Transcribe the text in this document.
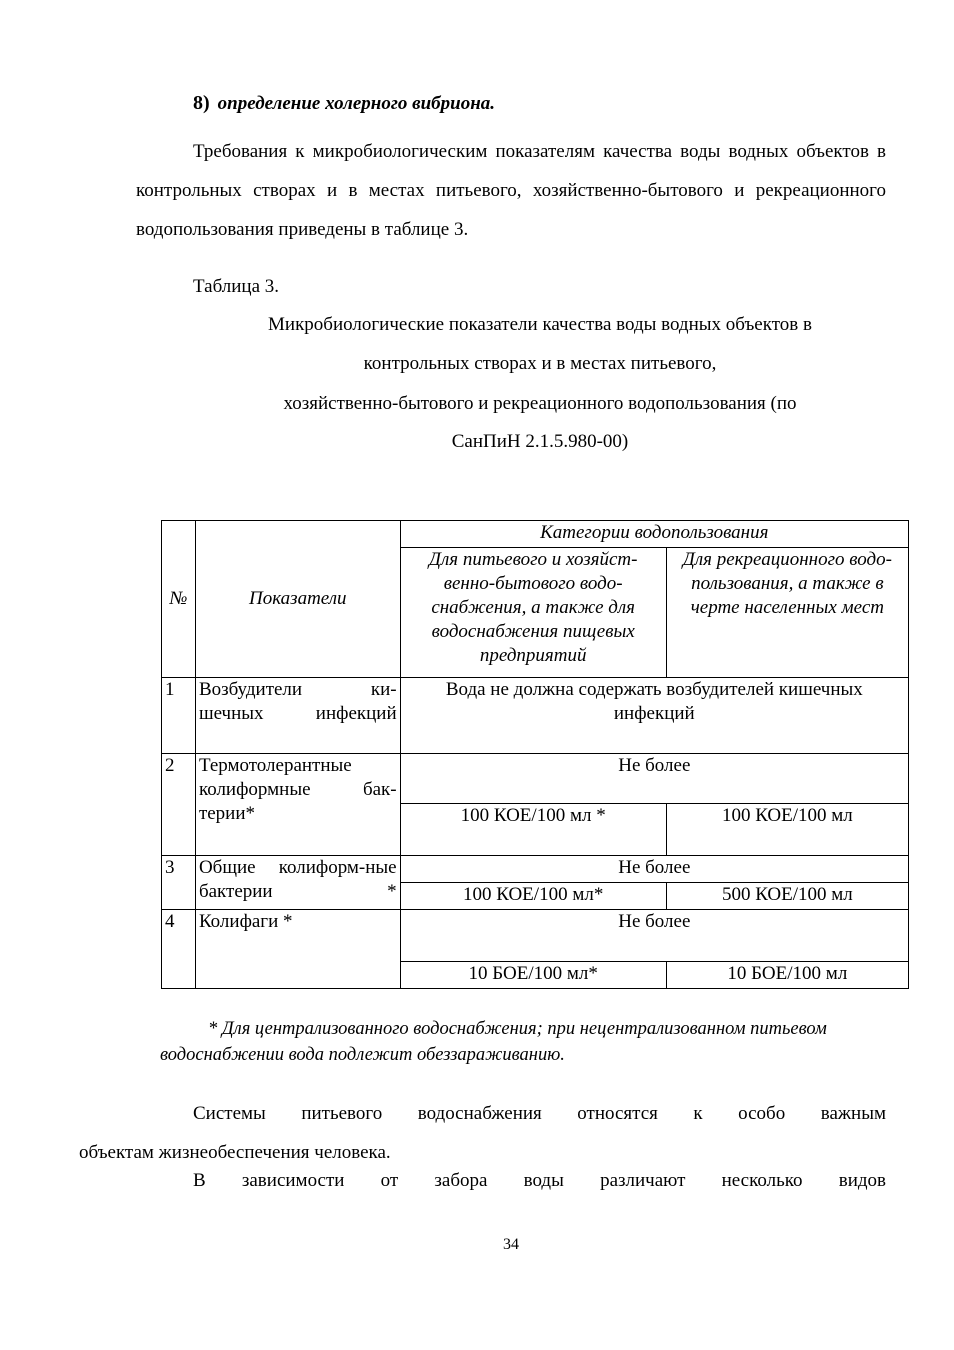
8) определение холерного вибриона.
Требования к микробиологическим показателям качества воды водных объектов в контрольных створах и в местах питьевого, хозяйственно-бытового и рекреационного водопользования приведены в таблице 3.
Таблица 3.
Микробиологические показатели качества воды водных объектов в
контрольных створах и в местах питьевого,
хозяйственно-бытового и рекреационного водопользования (по
СанПиН 2.1.5.980-00)
№	Показатели	Категории водопользования	
		Для питьевого и хозяйст-венно-бытового водо-снабжения, а также для водоснабжения пищевых предприятий	Для рекреационного водо-пользования, а также в черте населенных мест
1	Возбудители ки-шечных инфекций	Вода не должна содержать возбудителей кишечных инфекций	
2	Термотолерантные колиформные бак-терии*	Не более	
		100 КОЕ/100 мл *	100 КОЕ/100 мл
3	Общие колиформ-ные бактерии *	Не более	
		100 КОЕ/100 мл*	500 КОЕ/100 мл
4	Колифаги *	Не более	
		10 БОЕ/100 мл*	10 БОЕ/100 мл
* Для централизованного водоснабжения; при нецентрализованном питьевом водоснабжении вода подлежит обеззараживанию.
Системы питьевого водоснабжения относятся к особо важным
объектам жизнеобеспечения человека.
В зависимости от забора воды различают несколько видов
34
